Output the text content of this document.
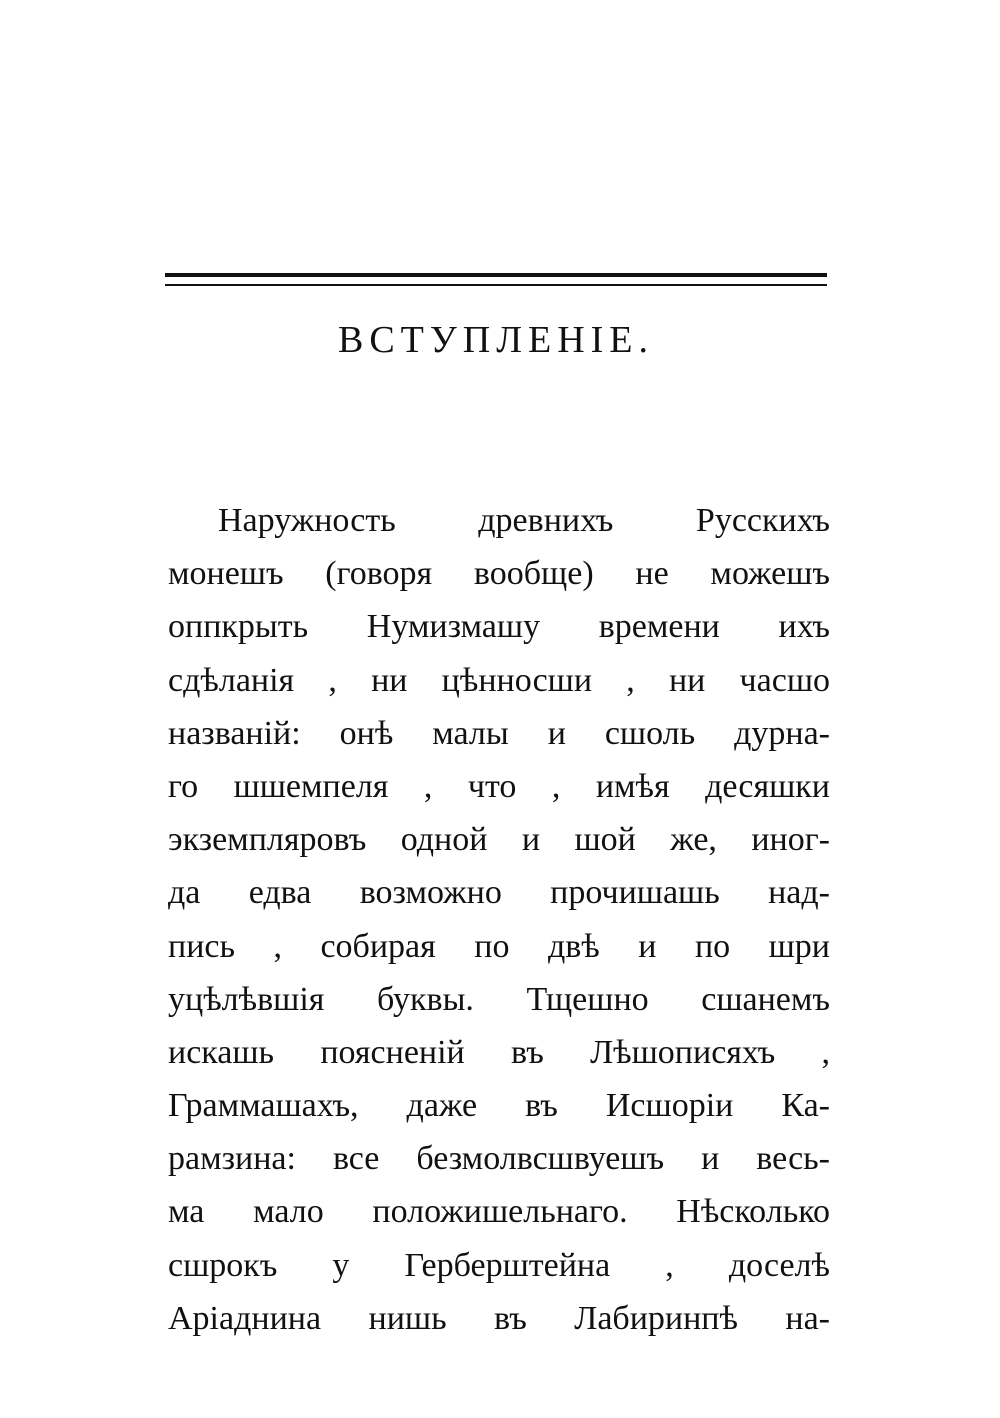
ВСТУПЛЕНIЕ.
Наружность древнихъ Русскихъ
монешъ (говоря вообще) не можешъ
оппкрыть Нумизмашу времени ихъ
сдѣланія , ни цѣнносши , ни часшо
названій: онѣ малы и сшоль дурна-
го шшемпеля , что , имѣя десяшки
экземпляровъ одной и шой же, иног-
да едва возможно прочишашь над-
пись , собирая по двѣ и по шри
уцѣлѣвшія буквы. Тщешно сшанемъ
искашь поясненій въ Лѣшописяхъ ,
Граммашахъ, даже въ Исшоріи Ка-
рамзина: все безмолвсшвуешъ и весь-
ма мало положишельнаго. Нѣсколько
сшрокъ у Герберштейна , доселѣ
Аріаднина нишь въ Лабиринпѣ на-
